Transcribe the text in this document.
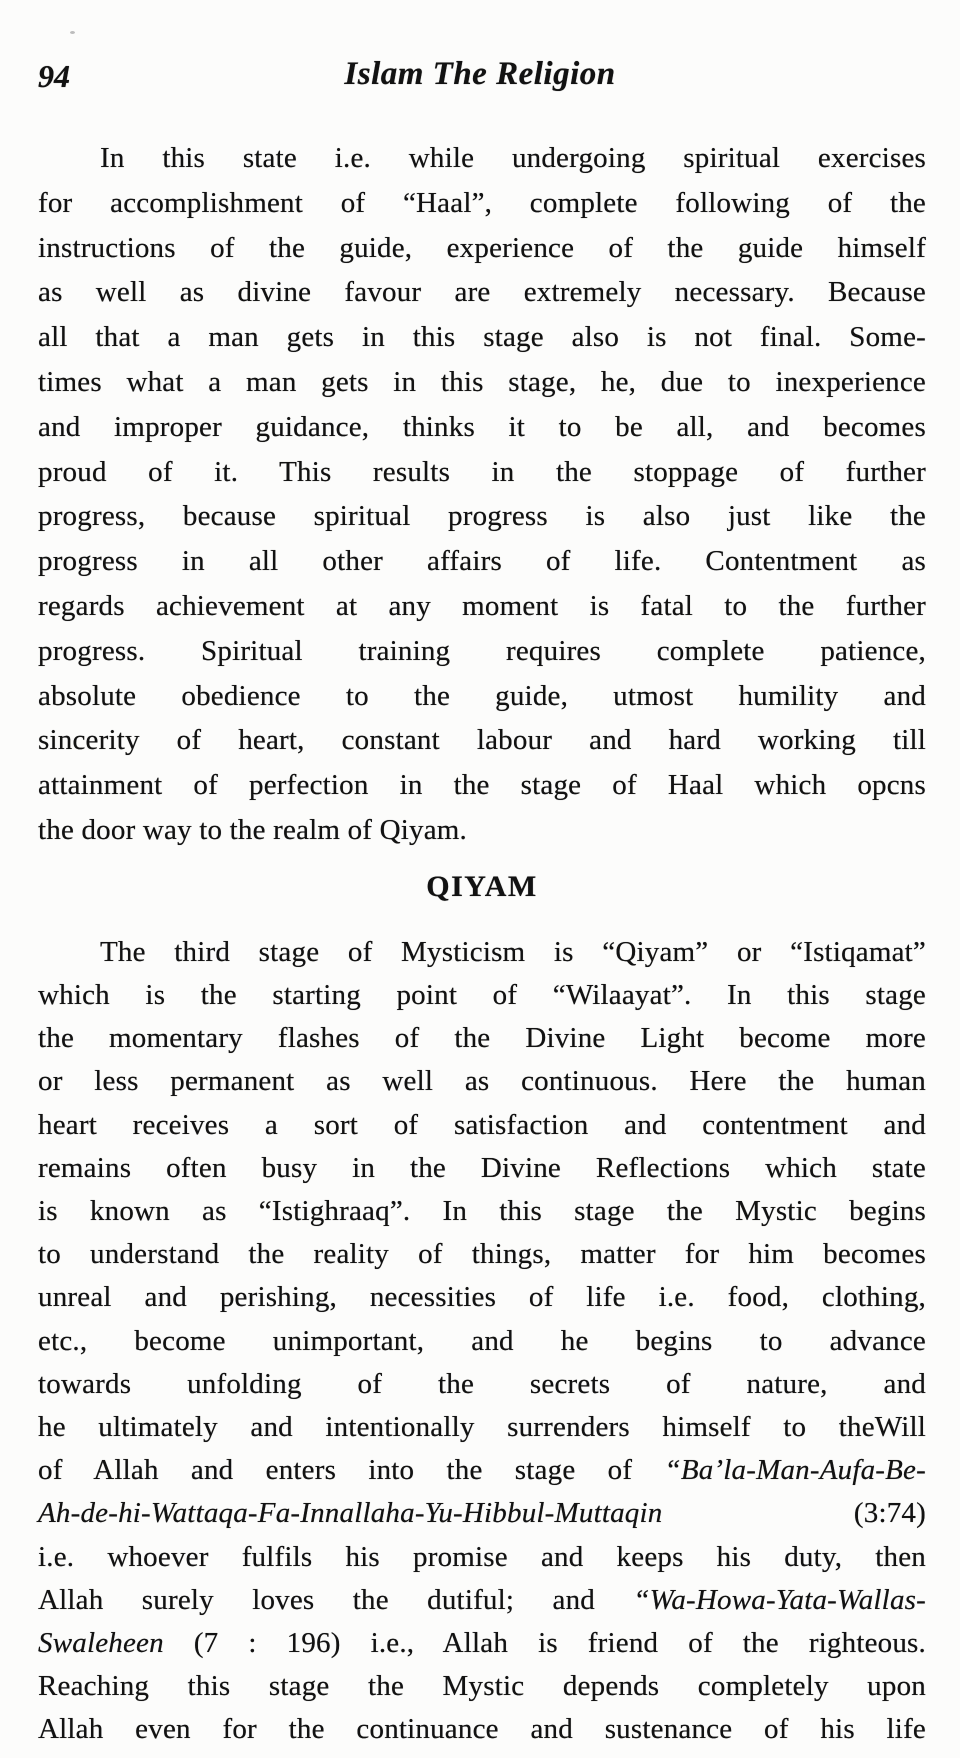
94	Islam The Religion
In this state i.e. while undergoing spiritual exercises
for accomplishment of “Haal”, complete following of the
instructions of the guide, experience of the guide himself
as well as divine favour are extremely necessary. Because
all that a man gets in this stage also is not final. Some-
times what a man gets in this stage, he, due to inexperience
and improper guidance, thinks it to be all, and becomes
proud of it. This results in the stoppage of further
progress, because spiritual progress is also just like the
progress in all other affairs of life. Contentment as
regards achievement at any moment is fatal to the further
progress. Spiritual training requires complete patience,
absolute obedience to the guide, utmost humility and
sincerity of heart, constant labour and hard working till
attainment of perfection in the stage of Haal which opcns
the door way to the realm of Qiyam.
QIYAM
The third stage of Mysticism is “Qiyam” or “Istiqamat”
which is the starting point of “Wilaayat”. In this stage
the momentary flashes of the Divine Light become more
or less permanent as well as continuous. Here the human
heart receives a sort of satisfaction and contentment and
remains often busy in the Divine Reflections which state
is known as “Istighraaq”. In this stage the Mystic begins
to understand the reality of things, matter for him becomes
unreal and perishing, necessities of life i.e. food, clothing,
etc., become unimportant, and he begins to advance
towards unfolding of the secrets of nature, and
he ultimately and intentionally surrenders himself to theWill
of Allah and enters into the stage of “Ba’la-Man-Aufa-Be-
Ah-de-hi-Wattaqa-Fa-Innallaha-Yu-Hibbul-Muttaqin (3:74)
i.e. whoever fulfils his promise and keeps his duty, then
Allah surely loves the dutiful; and “Wa-Howa-Yata-Wallas-
Swaleheen (7 : 196) i.e., Allah is friend of the righteous.
Reaching this stage the Mystic depends completely upon
Allah even for the continuance and sustenance of his life
